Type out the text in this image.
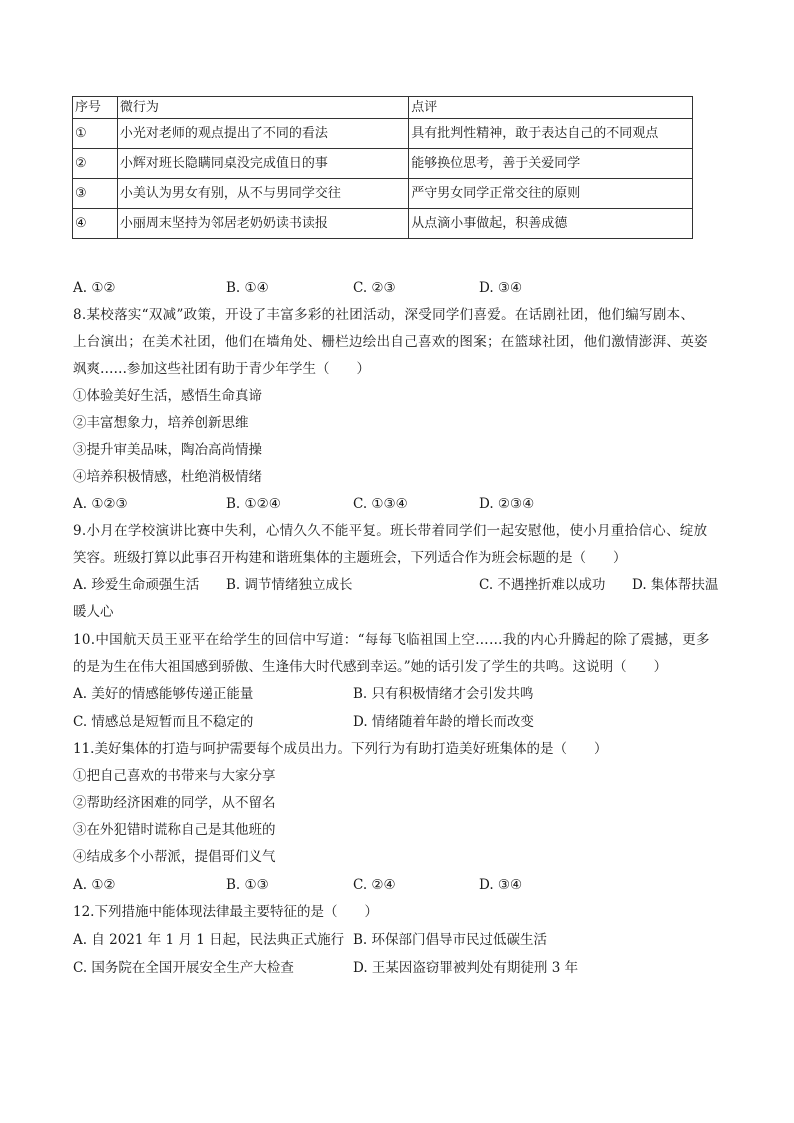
序号	微行为	点评
①	小光对老师的观点提出了不同的看法	具有批判性精神，敢于表达自己的不同观点
②	小辉对班长隐瞒同桌没完成值日的事	能够换位思考，善于关爱同学
③	小美认为男女有别，从不与男同学交往	严守男女同学正常交往的原则
④	小丽周末坚持为邻居老奶奶读书读报	从点滴小事做起，积善成德
A. ①②	B. ①④	C. ②③	D. ③④
8.某校落实“双减”政策，开设了丰富多彩的社团活动，深受同学们喜爱。在话剧社团，他们编写剧本、
上台演出；在美术社团，他们在墙角处、栅栏边绘出自己喜欢的图案；在篮球社团，他们激情澎湃、英姿
飒爽……参加这些社团有助于青少年学生（　　）
①体验美好生活，感悟生命真谛
②丰富想象力，培养创新思维
③提升审美品味，陶冶高尚情操
④培养积极情感，杜绝消极情绪
A. ①②③	B. ①②④	C. ①③④	D. ②③④
9.小月在学校演讲比赛中失利，心情久久不能平复。班长带着同学们一起安慰他，使小月重拾信心、绽放
笑容。班级打算以此事召开构建和谐班集体的主题班会，下列适合作为班会标题的是（　　）
A. 珍爱生命顽强生活 B. 调节情绪独立成长	C. 不遇挫折难以成功 D. 集体帮扶温
暖人心
10.中国航天员王亚平在给学生的回信中写道：“每每飞临祖国上空……我的内心升腾起的除了震撼，更多
的是为生在伟大祖国感到骄傲、生逢伟大时代感到幸运。”她的话引发了学生的共鸣。这说明（　　）
A. 美好的情感能够传递正能量	B. 只有积极情绪才会引发共鸣
C. 情感总是短暂而且不稳定的	D. 情绪随着年龄的增长而改变
11.美好集体的打造与呵护需要每个成员出力。下列行为有助打造美好班集体的是（　　）
①把自己喜欢的书带来与大家分享
②帮助经济困难的同学，从不留名
③在外犯错时谎称自己是其他班的
④结成多个小帮派，提倡哥们义气
A. ①②	B. ①③	C. ②④	D. ③④
12.下列措施中能体现法律最主要特征的是（　　）
A. 自 2021 年 1 月 1 日起，民法典正式施行 B. 环保部门倡导市民过低碳生活
C. 国务院在全国开展安全生产大检查	D. 王某因盗窃罪被判处有期徒刑 3 年
